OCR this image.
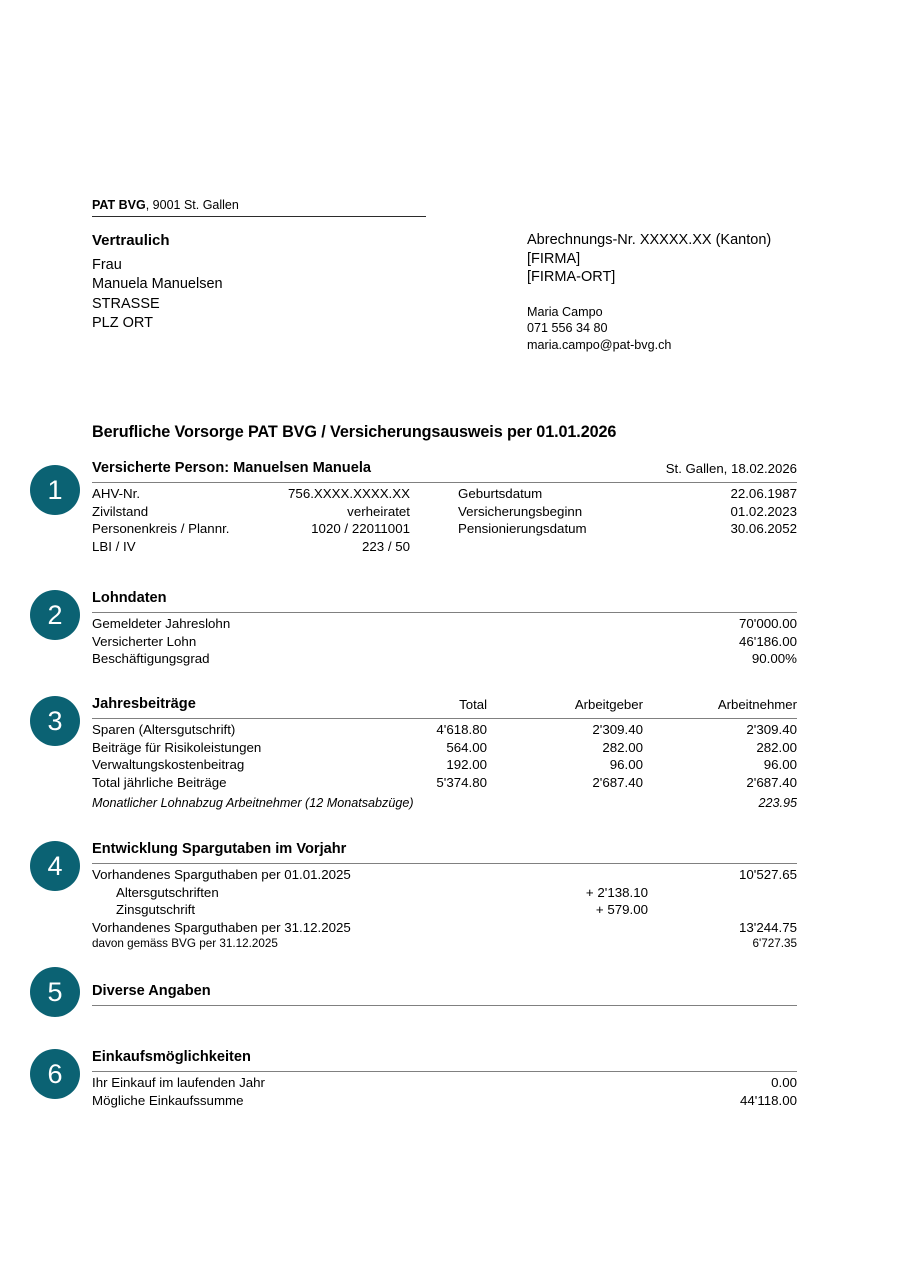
PAT BVG, 9001 St. Gallen
Vertraulich
Frau
Manuela Manuelsen
STRASSE
PLZ ORT
Abrechnungs-Nr. XXXXX.XX (Kanton)
[FIRMA]
[FIRMA-ORT]
Maria Campo
071 556 34 80
maria.campo@pat-bvg.ch
Berufliche Vorsorge PAT BVG / Versicherungsausweis per 01.01.2026
1
Versicherte Person: Manuelsen Manuela	St. Gallen, 18.02.2026
AHV-Nr.	756.XXXX.XXXX.XX	Geburtsdatum	22.06.1987
Zivilstand	verheiratet	Versicherungsbeginn	01.02.2023
Personenkreis / Plannr.	1020 / 22011001	Pensionierungsdatum	30.06.2052
LBI / IV	223 / 50
2
Lohndaten
Gemeldeter Jahreslohn	70'000.00
Versicherter Lohn	46'186.00
Beschäftigungsgrad	90.00%
3
Jahresbeiträge	Total	Arbeitgeber	Arbeitnehmer
Sparen (Altersgutschrift)	4'618.80	2'309.40	2'309.40
Beiträge für Risikoleistungen	564.00	282.00	282.00
Verwaltungskostenbeitrag	192.00	96.00	96.00
Total jährliche Beiträge	5'374.80	2'687.40	2'687.40
Monatlicher Lohnabzug Arbeitnehmer (12 Monatsabzüge)	223.95
4
Entwicklung Spargutaben im Vorjahr
Vorhandenes Sparguthaben per 01.01.2025	10'527.65
Altersgutschriften	+ 2'138.10
Zinsgutschrift	+ 579.00
Vorhandenes Sparguthaben per 31.12.2025	13'244.75
davon gemäss BVG per 31.12.2025	6'727.35
5	Diverse Angaben
6
Einkaufsmöglichkeiten
Ihr Einkauf im laufenden Jahr	0.00
Mögliche Einkaufssumme	44'118.00
